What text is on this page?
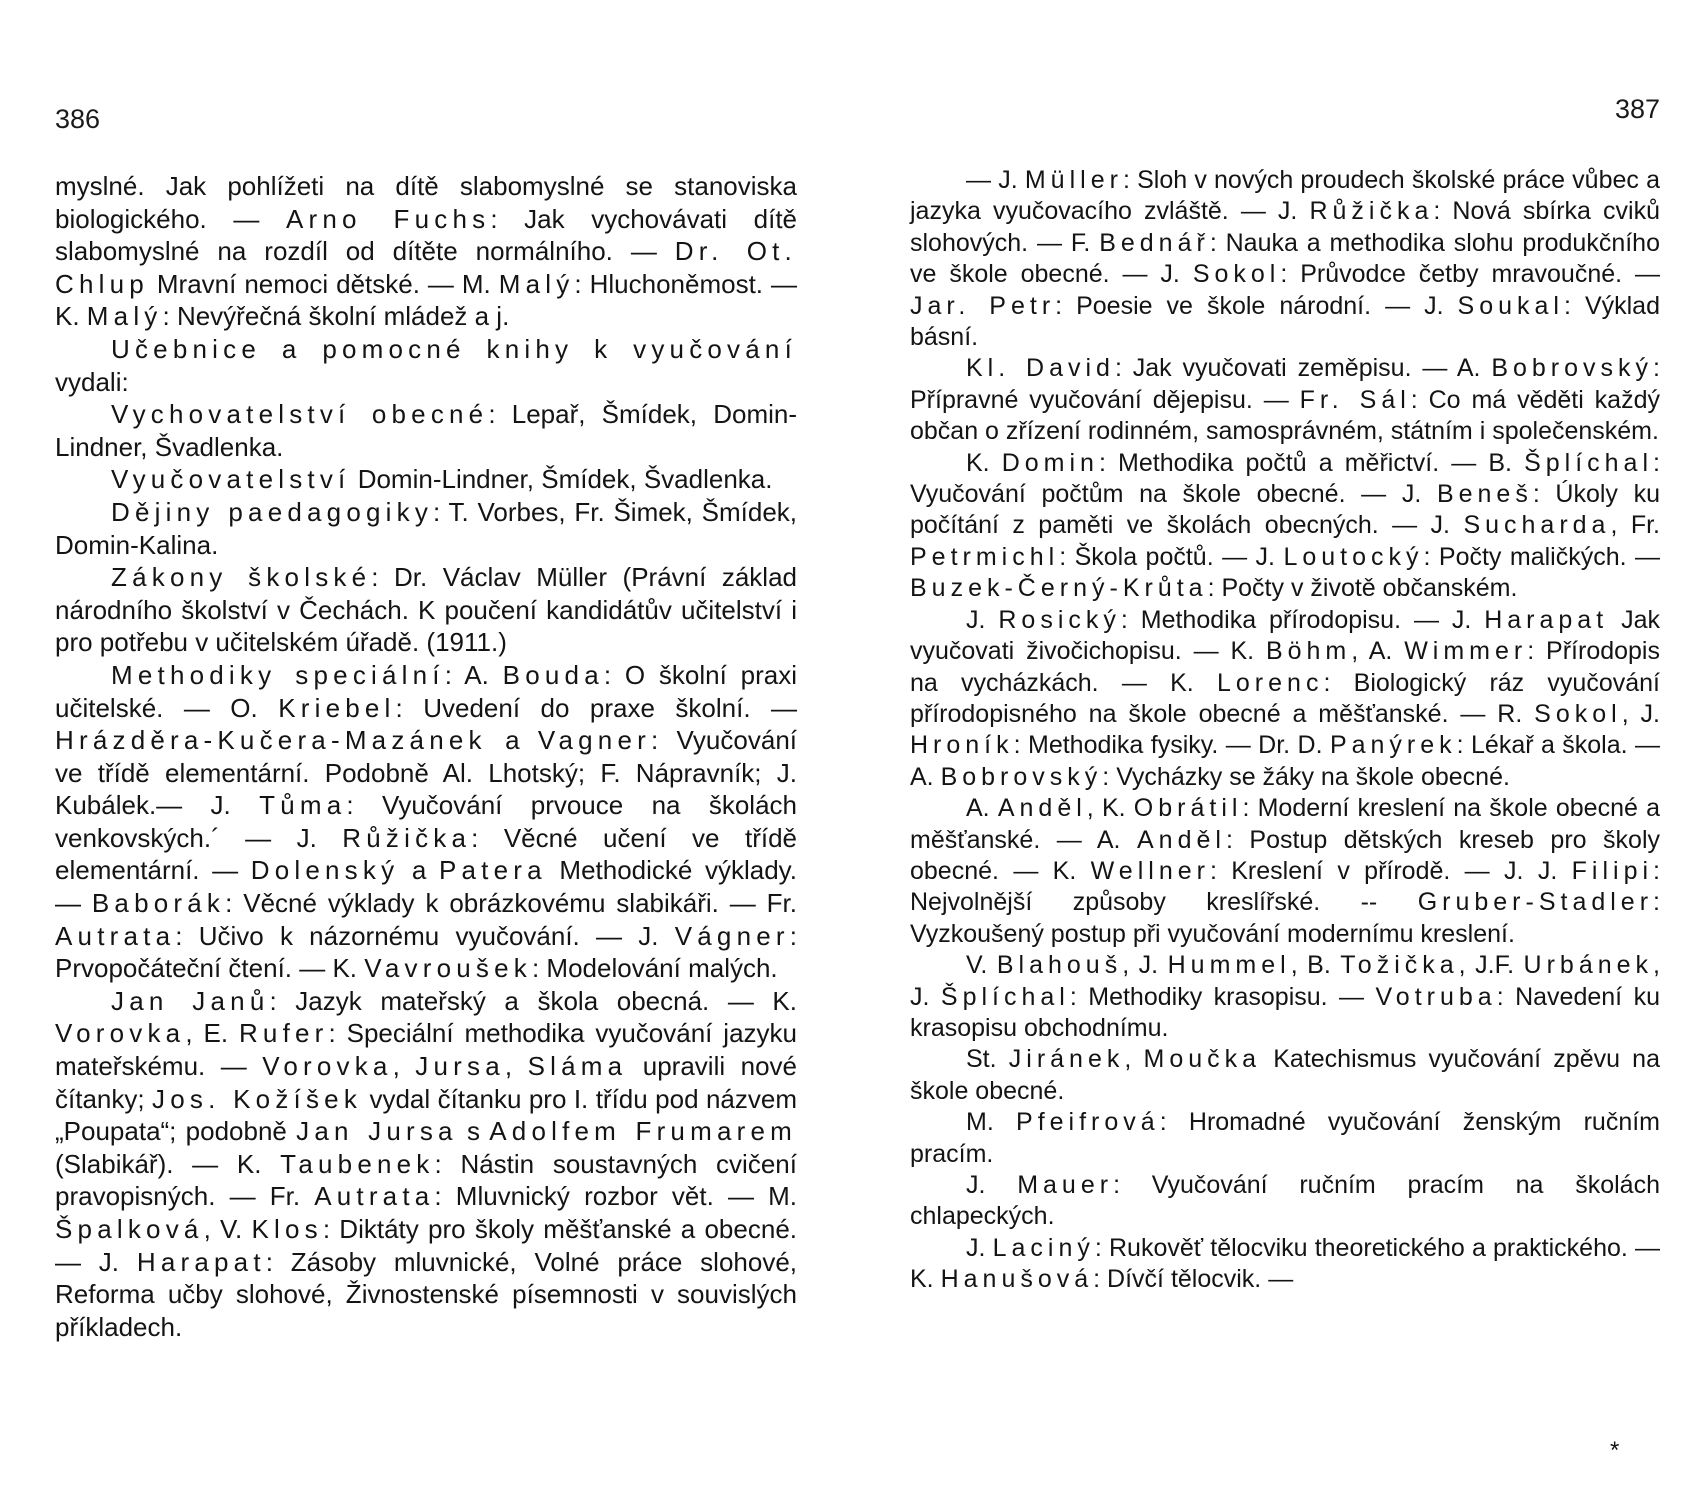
386	387

myslné. Jak pohlížeti na dítě slabomyslné se stanoviska biologického. — Arno Fuchs: Jak vychovávati dítě slabomyslné na rozdíl od dítěte normálního. — Dr. Ot. Chlup Mravní nemoci dětské. — M. Malý: Hluchoněmost. — K. Malý: Nevýřečná školní mládež a j.

Učebnice a pomocné knihy k vyučování vydali:

Vychovatelství obecné: Lepař, Šmídek, Domin-Lindner, Švadlenka.

Vyučovatelství Domin-Lindner, Šmídek, Švadlenka.

Dějiny paedagogiky: T. Vorbes, Fr. Šimek, Šmídek, Domin-Kalina.

Zákony školské: Dr. Václav Müller (Právní základ národního školství v Čechách. K poučení kandidátův učitelství i pro potřebu v učitelském úřadě. (1911.)

Methodiky speciální: A. Bouda: O školní praxi učitelské. — O. Kriebel: Uvedení do praxe školní. — Hrázděra-Kučera-Mazánek a Vagner: Vyučování ve třídě elementární. Podobně Al. Lhotský; F. Nápravník; J. Kubálek.— J. Tůma: Vyučování prvouce na školách venkovských.´ — J. Růžička: Věcné učení ve třídě elementární. — Dolenský a Patera Methodické výklady. — Baborák: Věcné výklady k obrázkovému slabikáři. — Fr. Autrata: Učivo k názornému vyučování. — J. Vágner: Prvopočáteční čtení. — K. Vavroušek: Modelování malých.

Jan Janů: Jazyk mateřský a škola obecná. — K. Vorovka, E. Rufer: Speciální methodika vyučování jazyku mateřskému. — Vorovka, Jursa, Sláma upravili nové čítanky; Jos. Kožíšek vydal čítanku pro I. třídu pod názvem „Poupata“; podobně Jan Jursa s Adolfem Frumarem (Slabikář). — K. Taubenek: Nástin soustavných cvičení pravopisných. — Fr. Autrata: Mluvnický rozbor vět. — M. Špalková, V. Klos: Diktáty pro školy měšťanské a obecné. — J. Harapat: Zásoby mluvnické, Volné práce slohové, Reforma učby slohové, Živnostenské písemnosti v souvislých příkladech.

— J. Müller: Sloh v nových proudech školské práce vůbec a jazyka vyučovacího zvláště. — J. Růžička: Nová sbírka cviků slohových. — F. Bednář: Nauka a methodika slohu produkčního ve škole obecné. — J. Sokol: Průvodce četby mravoučné. — Jar. Petr: Poesie ve škole národní. — J. Soukal: Výklad básní.

Kl. David: Jak vyučovati zeměpisu. — A. Bobrovský: Přípravné vyučování dějepisu. — Fr. Sál: Co má věděti každý občan o zřízení rodinném, samosprávném, státním i společenském.

K. Domin: Methodika počtů a měřictví. — B. Šplíchal: Vyučování počtům na škole obecné. — J. Beneš: Úkoly ku počítání z paměti ve školách obecných. — J. Sucharda, Fr. Petrmichl: Škola počtů. — J. Loutocký: Počty maličkých. — Buzek-Černý-Krůta: Počty v životě občanském.

J. Rosický: Methodika přírodopisu. — J. Harapat Jak vyučovati živočichopisu. — K. Böhm, A. Wimmer: Přírodopis na vycházkách. — K. Lorenc: Biologický ráz vyučování přírodopisného na škole obecné a měšťanské. — R. Sokol, J. Hroník: Methodika fysiky. — Dr. D. Panýrek: Lékař a škola. — A. Bobrovský: Vycházky se žáky na škole obecné.

A. Anděl, K. Obrátil: Moderní kreslení na škole obecné a měšťanské. — A. Anděl: Postup dětských kreseb pro školy obecné. — K. Wellner: Kreslení v přírodě. — J. J. Filipi: Nejvolnější způsoby kreslířské. -- Gruber-Stadler: Vyzkoušený postup při vyučování modernímu kreslení.

V. Blahouš, J. Hummel, B. Tožička, J.F. Urbánek, J. Šplíchal: Methodiky krasopisu. — Votruba: Navedení ku krasopisu obchodnímu.

St. Jiránek, Moučka Katechismus vyučování zpěvu na škole obecné.

M. Pfeifrová: Hromadné vyučování ženským ručním pracím.

J. Mauer: Vyučování ručním pracím na školách chlapeckých.

J. Laciný: Rukověť tělocviku theoretického a praktického. — K. Hanušová: Dívčí tělocvik. —

*
